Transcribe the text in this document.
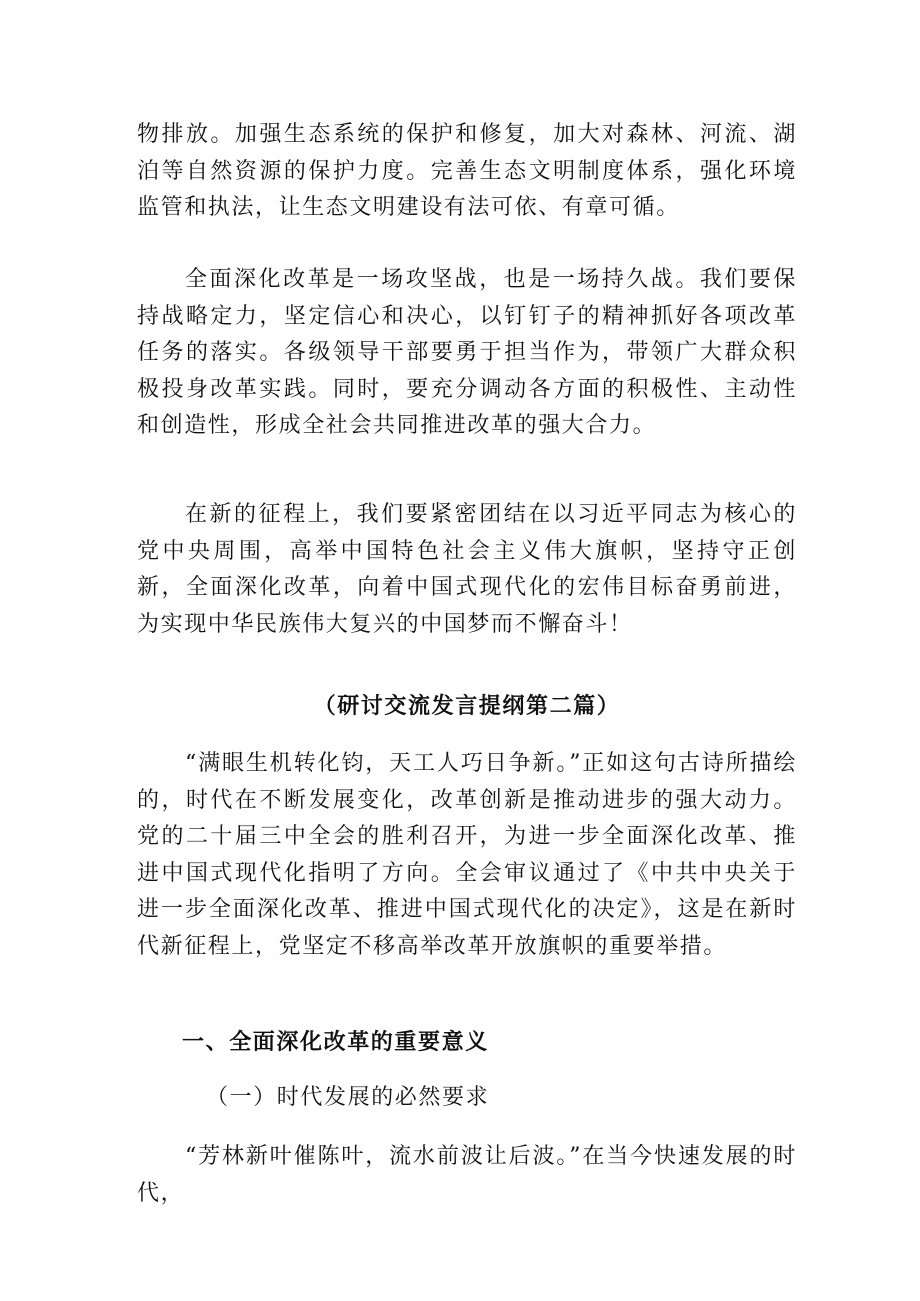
物排放。加强生态系统的保护和修复，加大对森林、河流、湖泊等自然资源的保护力度。完善生态文明制度体系，强化环境监管和执法，让生态文明建设有法可依、有章可循。

全面深化改革是一场攻坚战，也是一场持久战。我们要保持战略定力，坚定信心和决心，以钉钉子的精神抓好各项改革任务的落实。各级领导干部要勇于担当作为，带领广大群众积极投身改革实践。同时，要充分调动各方面的积极性、主动性和创造性，形成全社会共同推进改革的强大合力。

在新的征程上，我们要紧密团结在以习近平同志为核心的党中央周围，高举中国特色社会主义伟大旗帜，坚持守正创新，全面深化改革，向着中国式现代化的宏伟目标奋勇前进，为实现中华民族伟大复兴的中国梦而不懈奋斗！

（研讨交流发言提纲第二篇）

“满眼生机转化钧，天工人巧日争新。”正如这句古诗所描绘的，时代在不断发展变化，改革创新是推动进步的强大动力。党的二十届三中全会的胜利召开，为进一步全面深化改革、推进中国式现代化指明了方向。全会审议通过了《中共中央关于进一步全面深化改革、推进中国式现代化的决定》，这是在新时代新征程上，党坚定不移高举改革开放旗帜的重要举措。

一、全面深化改革的重要意义

（一）时代发展的必然要求

“芳林新叶催陈叶，流水前波让后波。”在当今快速发展的时代，
